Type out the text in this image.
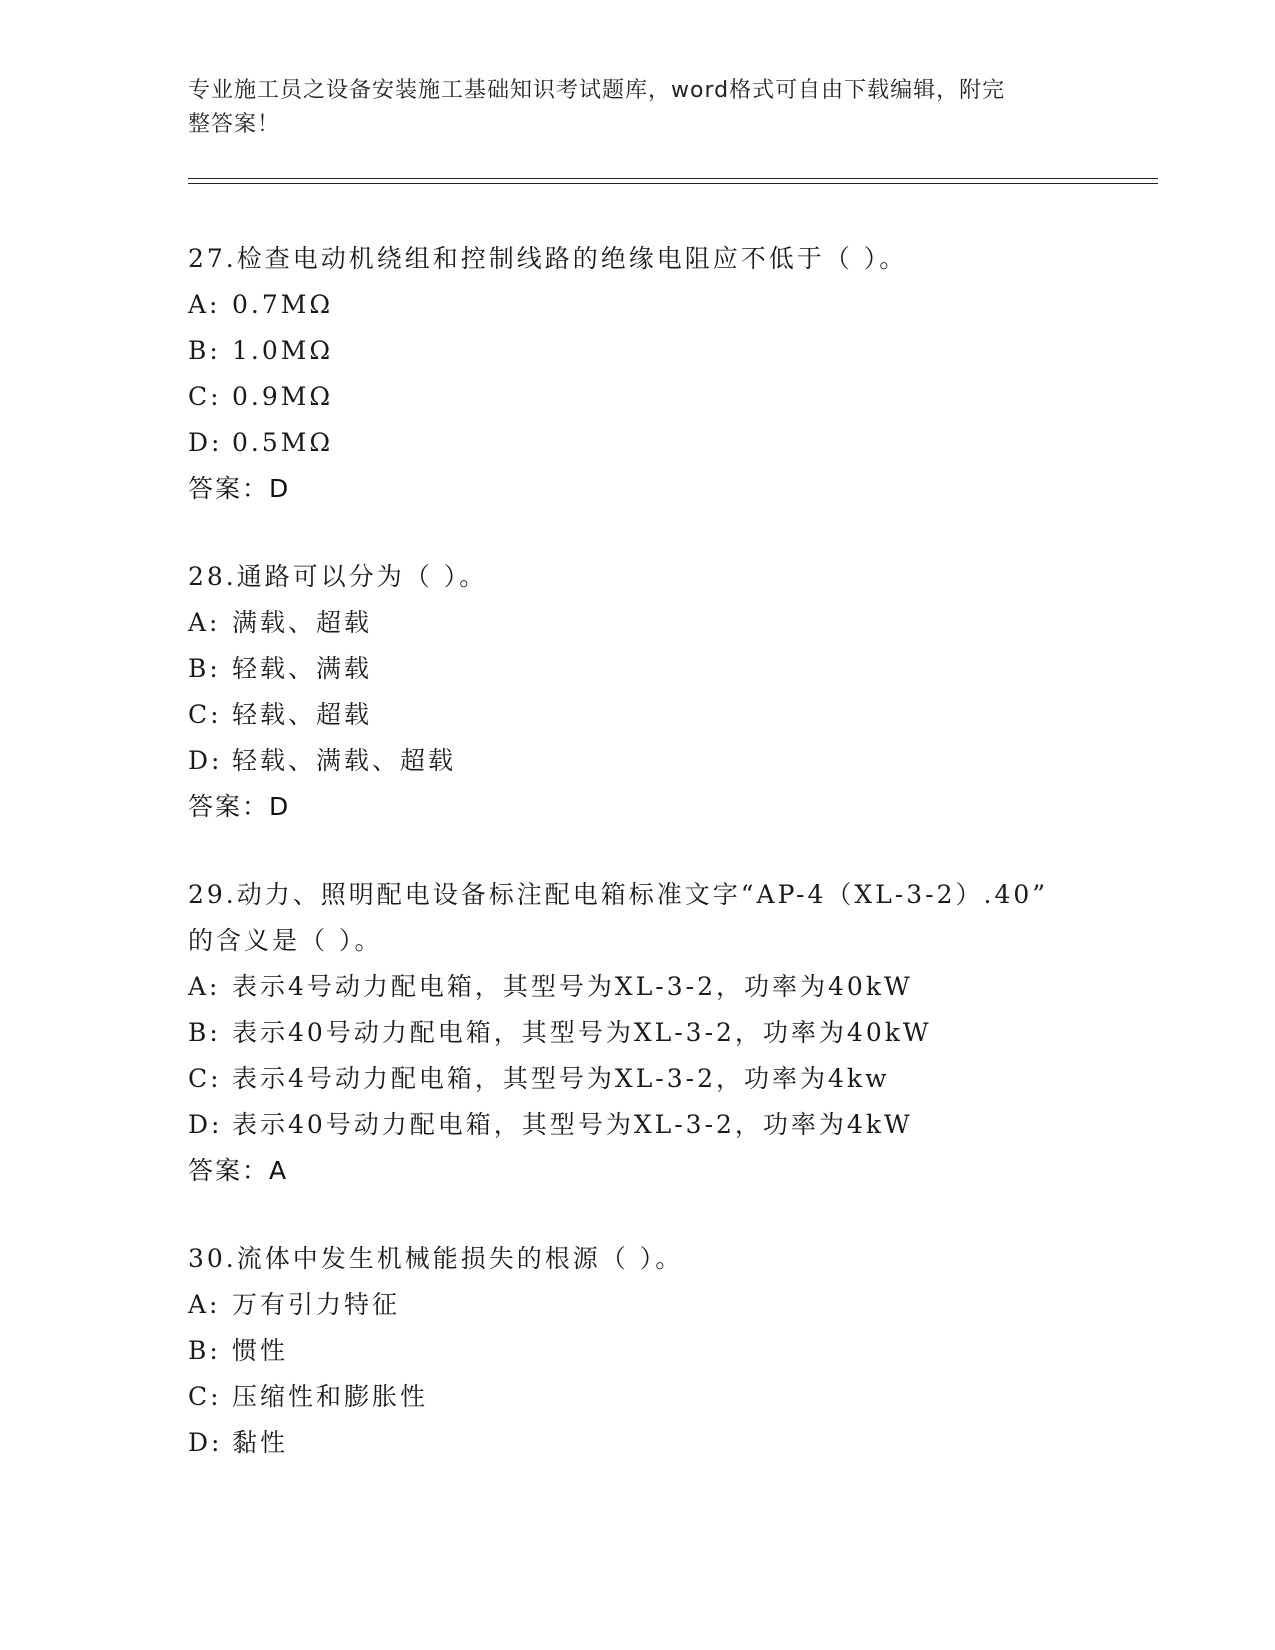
专业施工员之设备安装施工基础知识考试题库，word格式可自由下载编辑，附完
整答案！
27.检查电动机绕组和控制线路的绝缘电阻应不低于（ ）。
A: 0.7MΩ
B: 1.0MΩ
C: 0.9MΩ
D: 0.5MΩ
答案：D
28.通路可以分为（ ）。
A: 满载、超载
B: 轻载、满载
C: 轻载、超载
D: 轻载、满载、超载
答案：D
29.动力、照明配电设备标注配电箱标准文字“AP-4（XL-3-2）.40”
的含义是（ ）。
A: 表示4号动力配电箱，其型号为XL-3-2，功率为40kW
B: 表示40号动力配电箱，其型号为XL-3-2，功率为40kW
C: 表示4号动力配电箱，其型号为XL-3-2，功率为4kw
D: 表示40号动力配电箱，其型号为XL-3-2，功率为4kW
答案：A
30.流体中发生机械能损失的根源（ ）。
A: 万有引力特征
B: 惯性
C: 压缩性和膨胀性
D: 黏性
